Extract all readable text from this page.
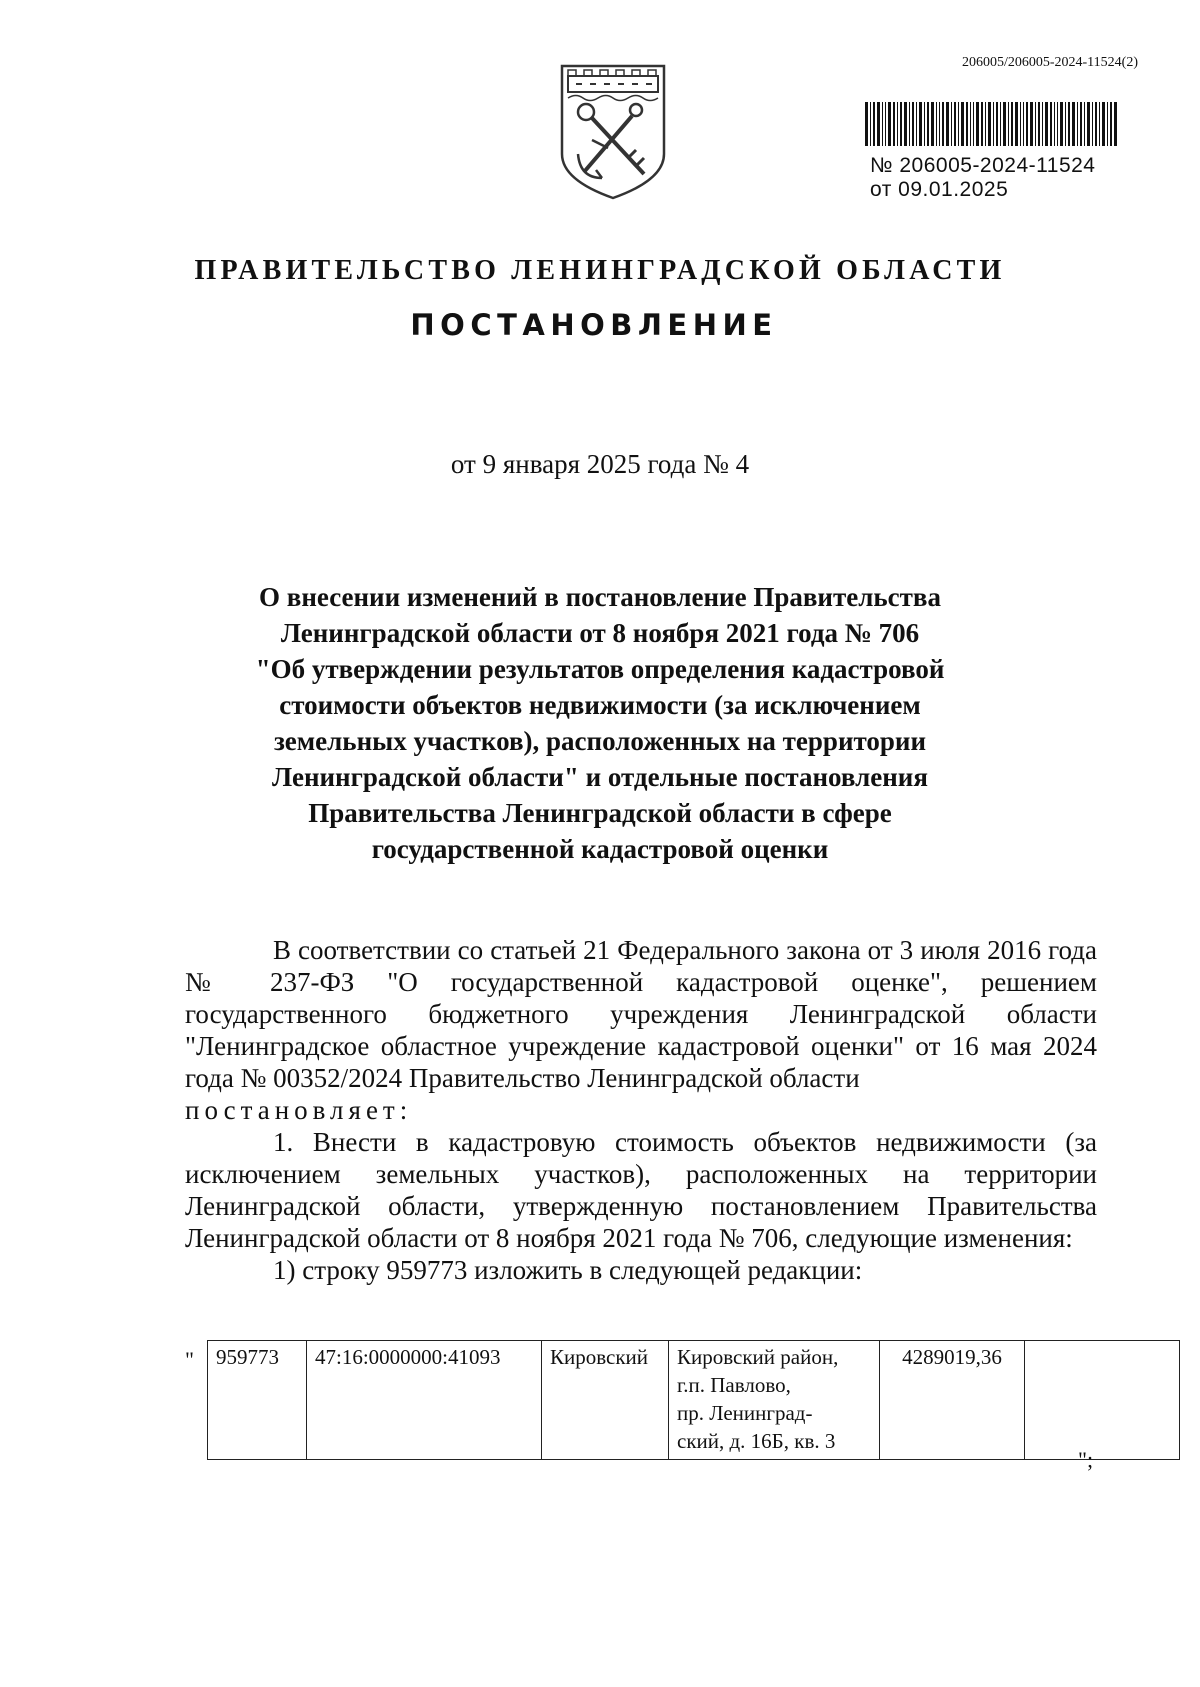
206005/206005-2024-11524(2)
№ 206005-2024-11524
от 09.01.2025
ПРАВИТЕЛЬСТВО ЛЕНИНГРАДСКОЙ ОБЛАСТИ
ПОСТАНОВЛЕНИЕ
от 9 января 2025 года № 4
О внесении изменений в постановление Правительства
Ленинградской области от 8 ноября 2021 года № 706
"Об утверждении результатов определения кадастровой
стоимости объектов недвижимости (за исключением
земельных участков), расположенных на территории
Ленинградской области" и отдельные постановления
Правительства Ленинградской области в сфере
государственной кадастровой оценки

В соответствии со статьей 21 Федерального закона от 3 июля 2016 года № 237-ФЗ "О государственной кадастровой оценке", решением государственного бюджетного учреждения Ленинградской области "Ленинградское областное учреждение кадастровой оценки" от 16 мая 2024 года № 00352/2024 Правительство Ленинградской области

постановляет:

1. Внести в кадастровую стоимость объектов недвижимости (за исключением земельных участков), расположенных на территории Ленинградской области, утвержденную постановлением Правительства Ленинградской области от 8 ноября 2021 года № 706, следующие изменения:

1) строку 959773 изложить в следующей редакции:

" 959773	47:16:0000000:41093	Кировский	Кировский район,
г.п. Павлово,
пр. Ленинград-
ский, д. 16Б, кв. 3
	4289019,36	
";
